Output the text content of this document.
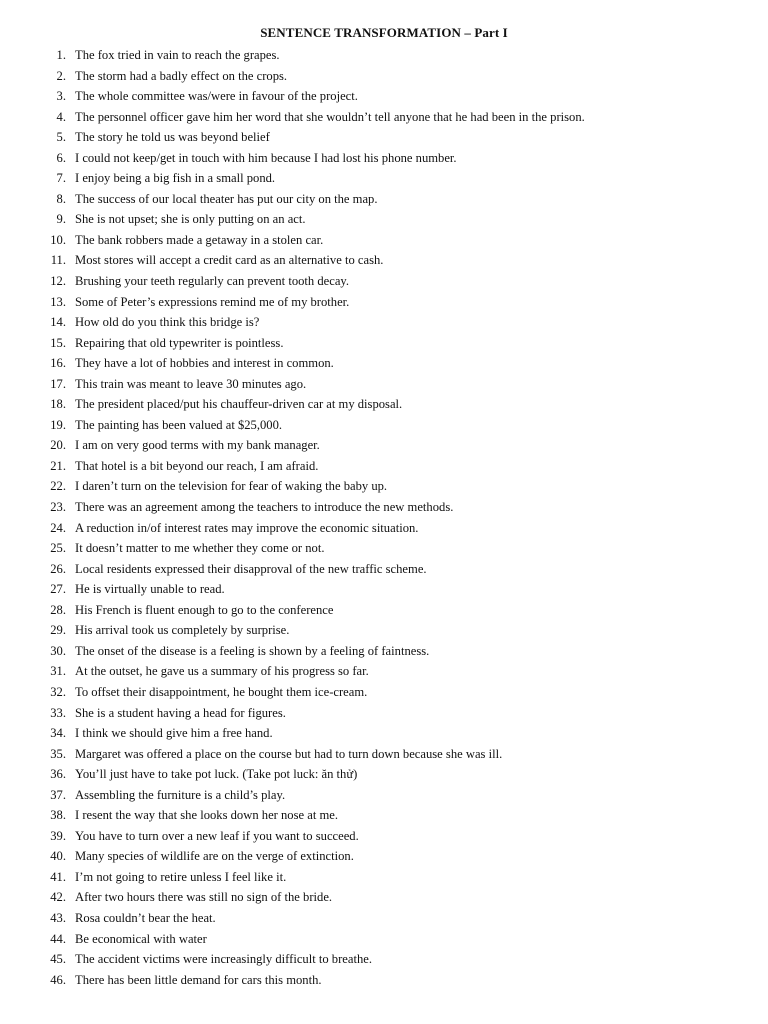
SENTENCE TRANSFORMATION – Part I
1. The fox tried in vain to reach the grapes.
2. The storm had a badly effect on the crops.
3. The whole committee was/were in favour of the project.
4. The personnel officer gave him her word that she wouldn’t tell anyone that he had been in the prison.
5. The story he told us was beyond belief
6. I could not keep/get in touch with him because I had lost his phone number.
7. I enjoy being a big fish in a small pond.
8. The success of our local theater has put our city on the map.
9. She is not upset; she is only putting on an act.
10. The bank robbers made a getaway in a stolen car.
11. Most stores will accept a credit card as an alternative to cash.
12. Brushing your teeth regularly can prevent tooth decay.
13. Some of Peter’s expressions remind me of my brother.
14. How old do you think this bridge is?
15. Repairing that old typewriter is pointless.
16. They have a lot of hobbies and interest in common.
17. This train was meant to leave 30 minutes ago.
18. The president placed/put his chauffeur-driven car at my disposal.
19. The painting has been valued at $25,000.
20. I am on very good terms with my bank manager.
21. That hotel is a bit beyond our reach, I am afraid.
22. I daren’t turn on the television for fear of waking the baby up.
23. There was an agreement among the teachers to introduce the new methods.
24. A reduction in/of interest rates may improve the economic situation.
25. It doesn’t matter to me whether they come or not.
26. Local residents expressed their disapproval of the new traffic scheme.
27. He is virtually unable to read.
28. His French is fluent enough to go to the conference
29. His arrival took us completely by surprise.
30. The onset of the disease is a feeling is shown by a feeling of faintness.
31. At the outset, he gave us a summary of his progress so far.
32. To offset their disappointment, he bought them ice-cream.
33. She is a student having a head for figures.
34. I think we should give him a free hand.
35. Margaret was offered a place on the course but had to turn down because she was ill.
36. You’ll just have to take pot luck. (Take pot luck: ăn thử)
37. Assembling the furniture is a child’s play.
38. I resent the way that she looks down her nose at me.
39. You have to turn over a new leaf if you want to succeed.
40. Many species of wildlife are on the verge of extinction.
41. I’m not going to retire unless I feel like it.
42. After two hours there was still no sign of the bride.
43. Rosa couldn’t bear the heat.
44. Be economical with water
45. The accident victims were increasingly difficult to breathe.
46. There has been little demand for cars this month.
